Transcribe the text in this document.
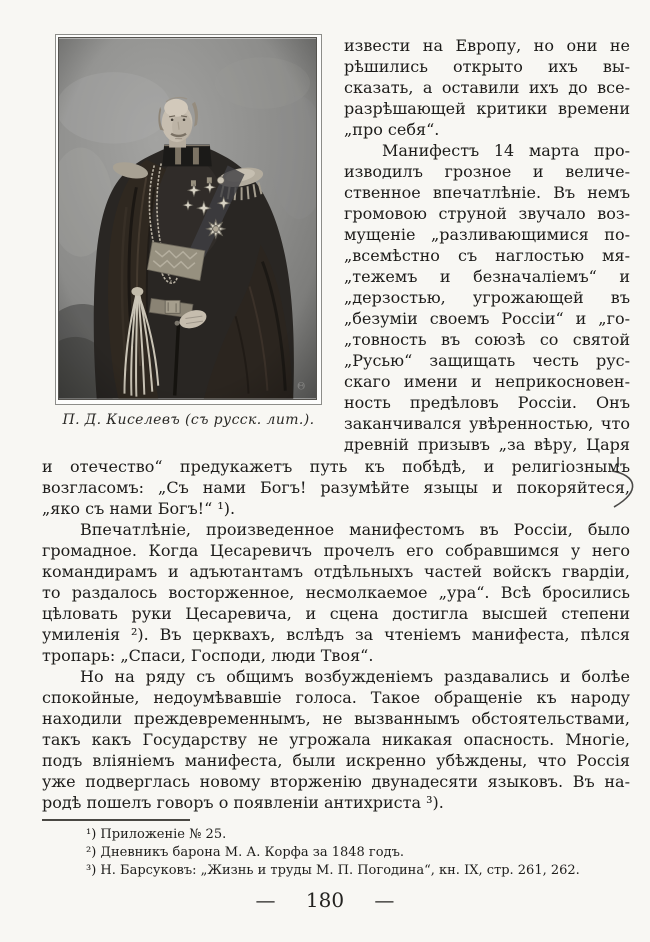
П. Д. Киселевъ (съ русск. лит.).
извести на Европу, но они не
рѣшились открыто ихъ вы-
сказать, а оставили ихъ до все-
разрѣшающей критики времени
„про себя“.
Манифестъ 14 марта про-
изводилъ грозное и величе-
ственное впечатлѣніе. Въ немъ
громовою струной звучало воз-
мущеніе „разливающимися по-
„всемѣстно съ наглостью мя-
„тежемъ и безначаліемъ“ и
„дерзостью, угрожающей въ
„безуміи своемъ Россіи“ и „го-
„товность въ союзѣ со святой
„Русью“ защищать честь рус-
скаго имени и неприкосновен-
ность предѣловъ Россіи. Онъ
заканчивался увѣренностью, что
древній призывъ „за вѣру, Царя
и отечество“ предукажетъ путь къ побѣдѣ, и религіознымъ
возгласомъ: „Съ нами Богъ! разумѣйте языцы и покоряйтеся,
„яко съ нами Богъ!“ ¹).
Впечатлѣніе, произведенное манифестомъ въ Россіи, было
громадное. Когда Цесаревичъ прочелъ его собравшимся у него
командирамъ и адъютантамъ отдѣльныхъ частей войскъ гвардіи,
то раздалось восторженное, несмолкаемое „ура“. Всѣ бросились
цѣловать руки Цесаревича, и сцена достигла высшей степени
умиленія ²). Въ церквахъ, вслѣдъ за чтеніемъ манифеста, пѣлся
тропарь: „Спаси, Господи, люди Твоя“.
Но на ряду съ общимъ возбужденіемъ раздавались и болѣе
спокойные, недоумѣвавшіе голоса. Такое обращеніе къ народу
находили преждевременнымъ, не вызваннымъ обстоятельствами,
такъ какъ Государству не угрожала никакая опасность. Многіе,
подъ вліяніемъ манифеста, были искренно убѣждены, что Россія
уже подверглась новому вторженію двунадесяти языковъ. Въ на-
родѣ пошелъ говоръ о появленіи антихриста ³).
¹) Приложеніе № 25.
²) Дневникъ барона М. А. Корфа за 1848 годъ.
³) Н. Барсуковъ: „Жизнь и труды М. П. Погодина“, кн. IX, стр. 261, 262.
— 180 —
